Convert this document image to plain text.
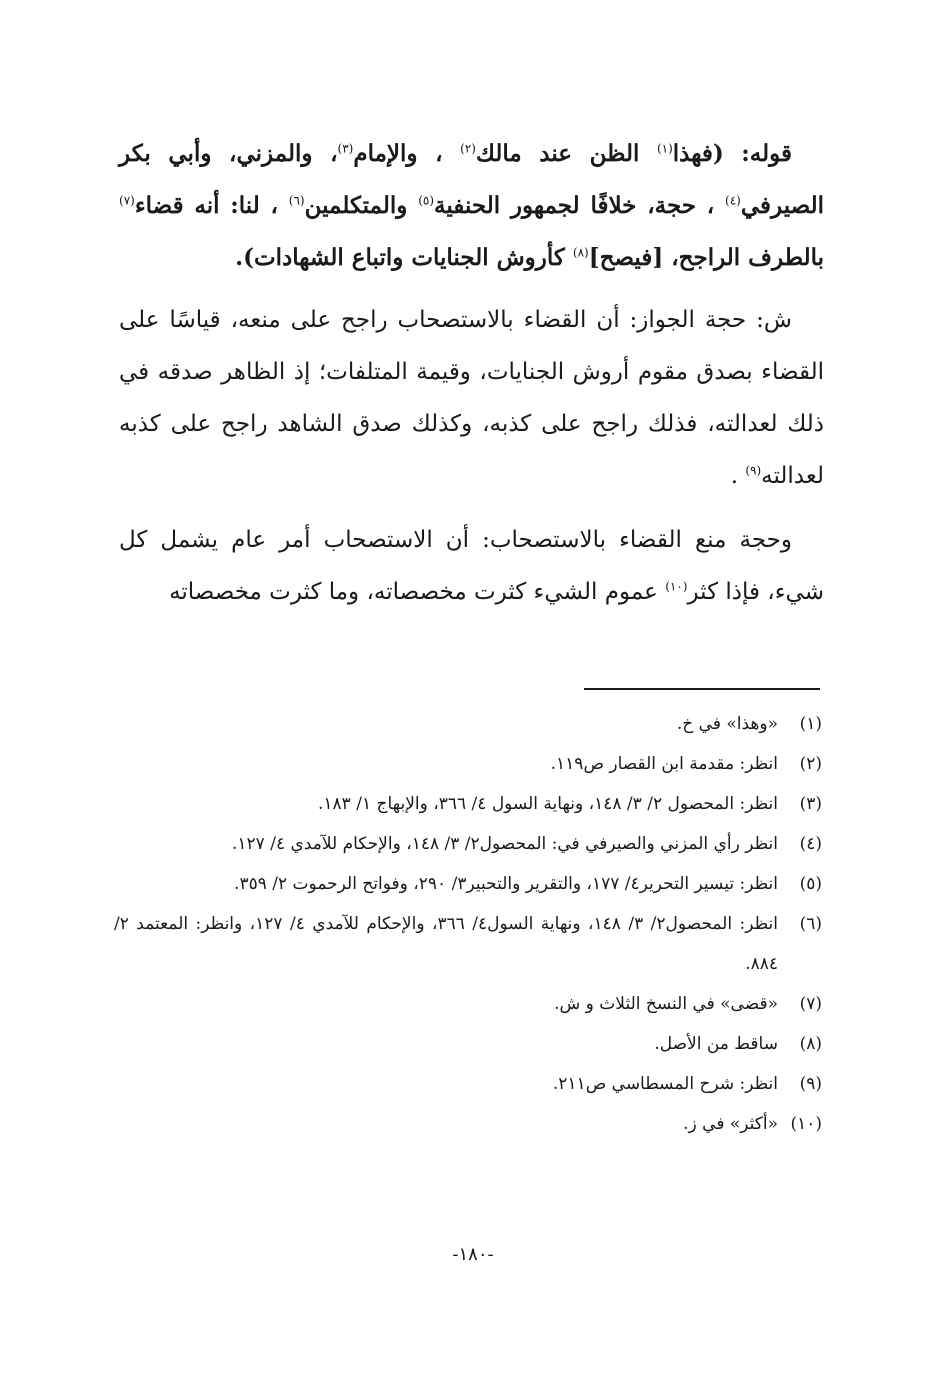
قوله: (فهذا$^{(١)}$ الظن عند مالك$^{(٢)}$ ، والإمام$^{(٣)}$، والمزني، وأبي بكر الصيرفي$^{(٤)}$ ، حجة، خلافًا لجمهور الحنفية$^{(٥)}$ والمتكلمين$^{(٦)}$ ، لنا: أنه قضاء$^{(٧)}$ بالطرف الراجح، [فيصح]$^{(٨)}$ كأروش الجنايات واتباع الشهادات).

ش: حجة الجواز: أن القضاء بالاستصحاب راجح على منعه، قياسًا على القضاء بصدق مقوم أروش الجنايات، وقيمة المتلفات؛ إذ الظاهر صدقه في ذلك لعدالته، فذلك راجح على كذبه، وكذلك صدق الشاهد راجح على كذبه لعدالته$^{(٩)}$ .

وحجة منع القضاء بالاستصحاب: أن الاستصحاب أمر عام يشمل كل شيء، فإذا كثر$^{(١٠)}$ عموم الشيء كثرت مخصصاته، وما كثرت مخصصاته

(١)
«وهذا» في خ.
(٢)
انظر: مقدمة ابن القصار ص١١٩.
(٣)
انظر: المحصول ٢/ ٣/ ١٤٨، ونهاية السول ٤/ ٣٦٦، والإبهاج ١/ ١٨٣.
(٤)
انظر رأي المزني والصيرفي في: المحصول٢/ ٣/ ١٤٨، والإحكام للآمدي ٤/ ١٢٧.
(٥)
انظر: تيسير التحرير٤/ ١٧٧، والتقرير والتحبير٣/ ٢٩٠، وفواتح الرحموت ٢/ ٣٥٩.
(٦)
انظر: المحصول٢/ ٣/ ١٤٨، ونهاية السول٤/ ٣٦٦، والإحكام للآمدي ٤/ ١٢٧، وانظر: المعتمد ٢/ ٨٨٤.
(٧)
«قضى» في النسخ الثلاث و ش.
(٨)
ساقط من الأصل.
(٩)
انظر: شرح المسطاسي ص٢١١.
(١٠)
«أكثر» في ز.
-١٨٠-
